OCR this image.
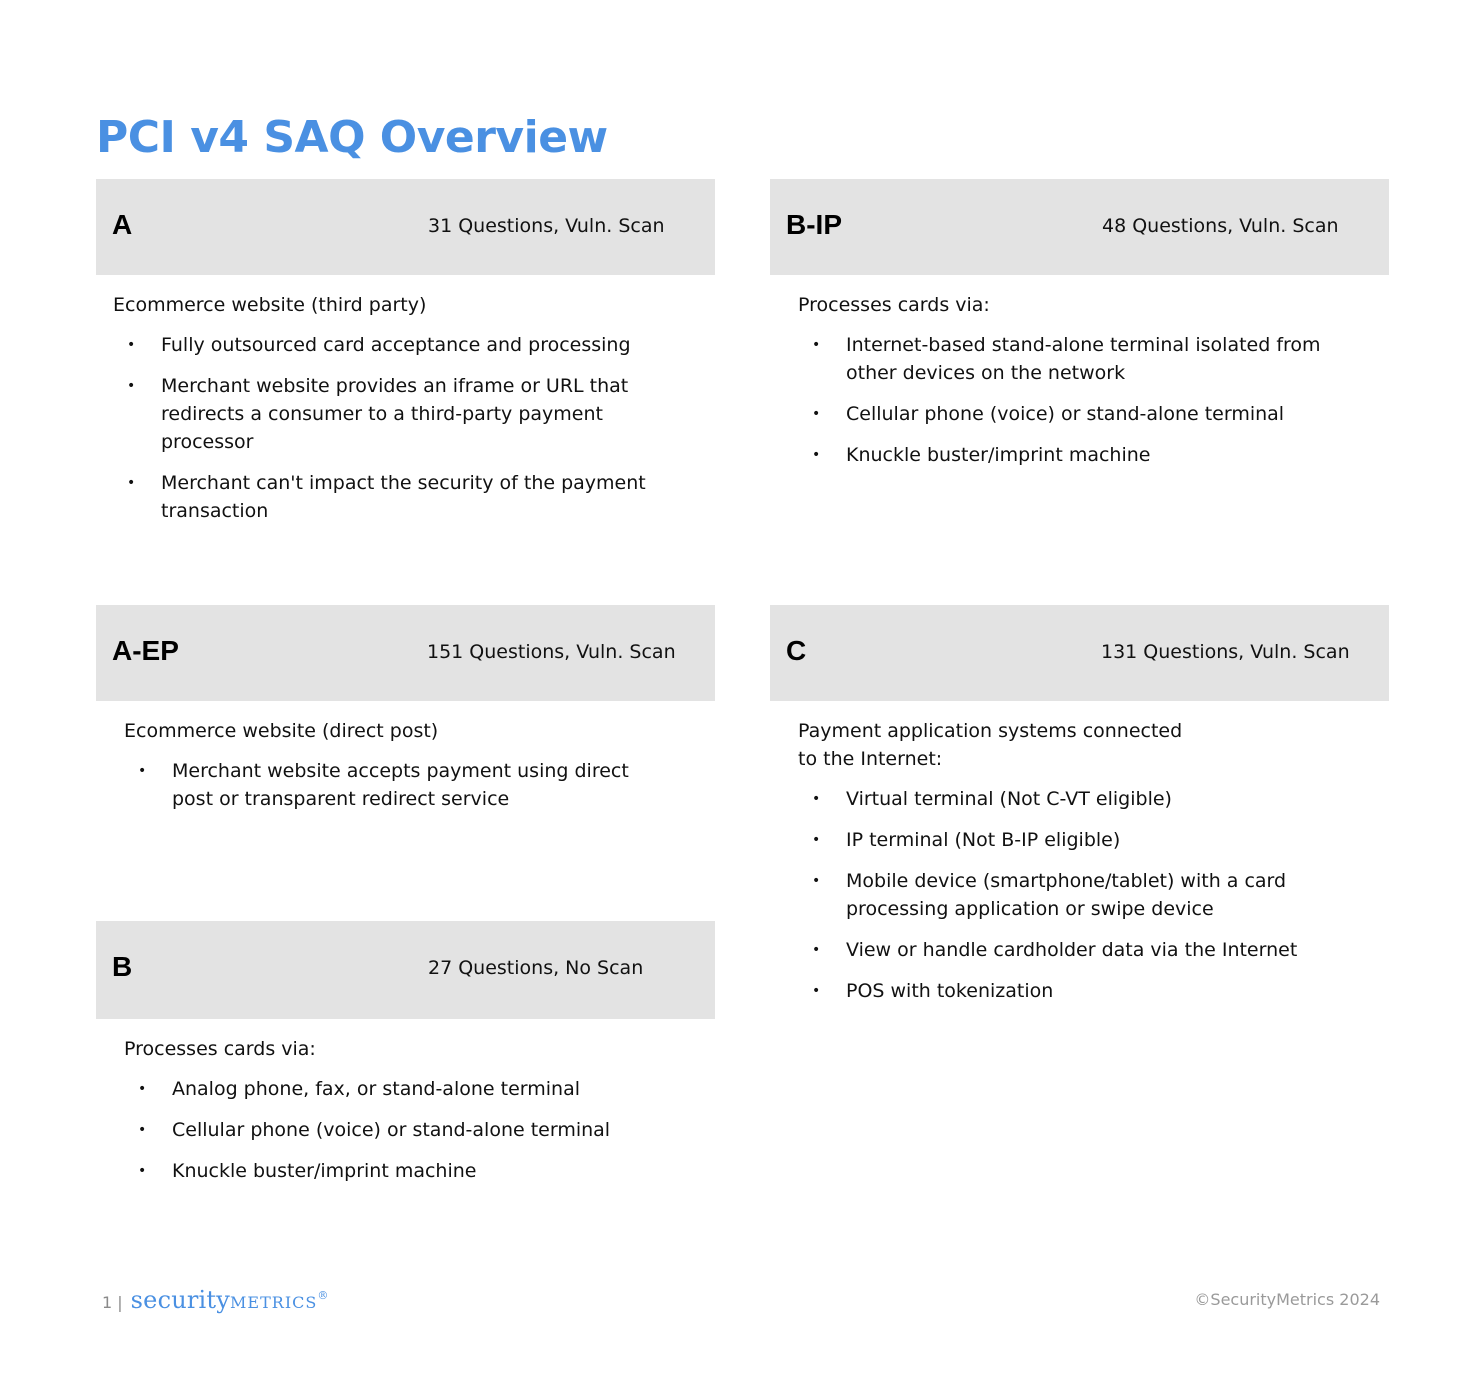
PCI v4 SAQ Overview
A	31 Questions, Vuln. Scan

Ecommerce website (third party)

• Fully outsourced card acceptance and processing
• Merchant website provides an iframe or URL that redirects a consumer to a third-party payment processor
• Merchant can't impact the security of the payment transaction
B-IP	48 Questions, Vuln. Scan

Processes cards via:

• Internet-based stand-alone terminal isolated from other devices on the network
• Cellular phone (voice) or stand-alone terminal
• Knuckle buster/imprint machine
A-EP	151 Questions, Vuln. Scan

Ecommerce website (direct post)

• Merchant website accepts payment using direct post or transparent redirect service
C	131 Questions, Vuln. Scan

Payment application systems connected to the Internet:

• Virtual terminal (Not C-VT eligible)
• IP terminal (Not B-IP eligible)
• Mobile device (smartphone/tablet) with a card processing application or swipe device
• View or handle cardholder data via the Internet
• POS with tokenization
B	27 Questions, No Scan

Processes cards via:

• Analog phone, fax, or stand-alone terminal
• Cellular phone (voice) or stand-alone terminal
• Knuckle buster/imprint machine
1 | securityMETRICS®	©SecurityMetrics 2024
